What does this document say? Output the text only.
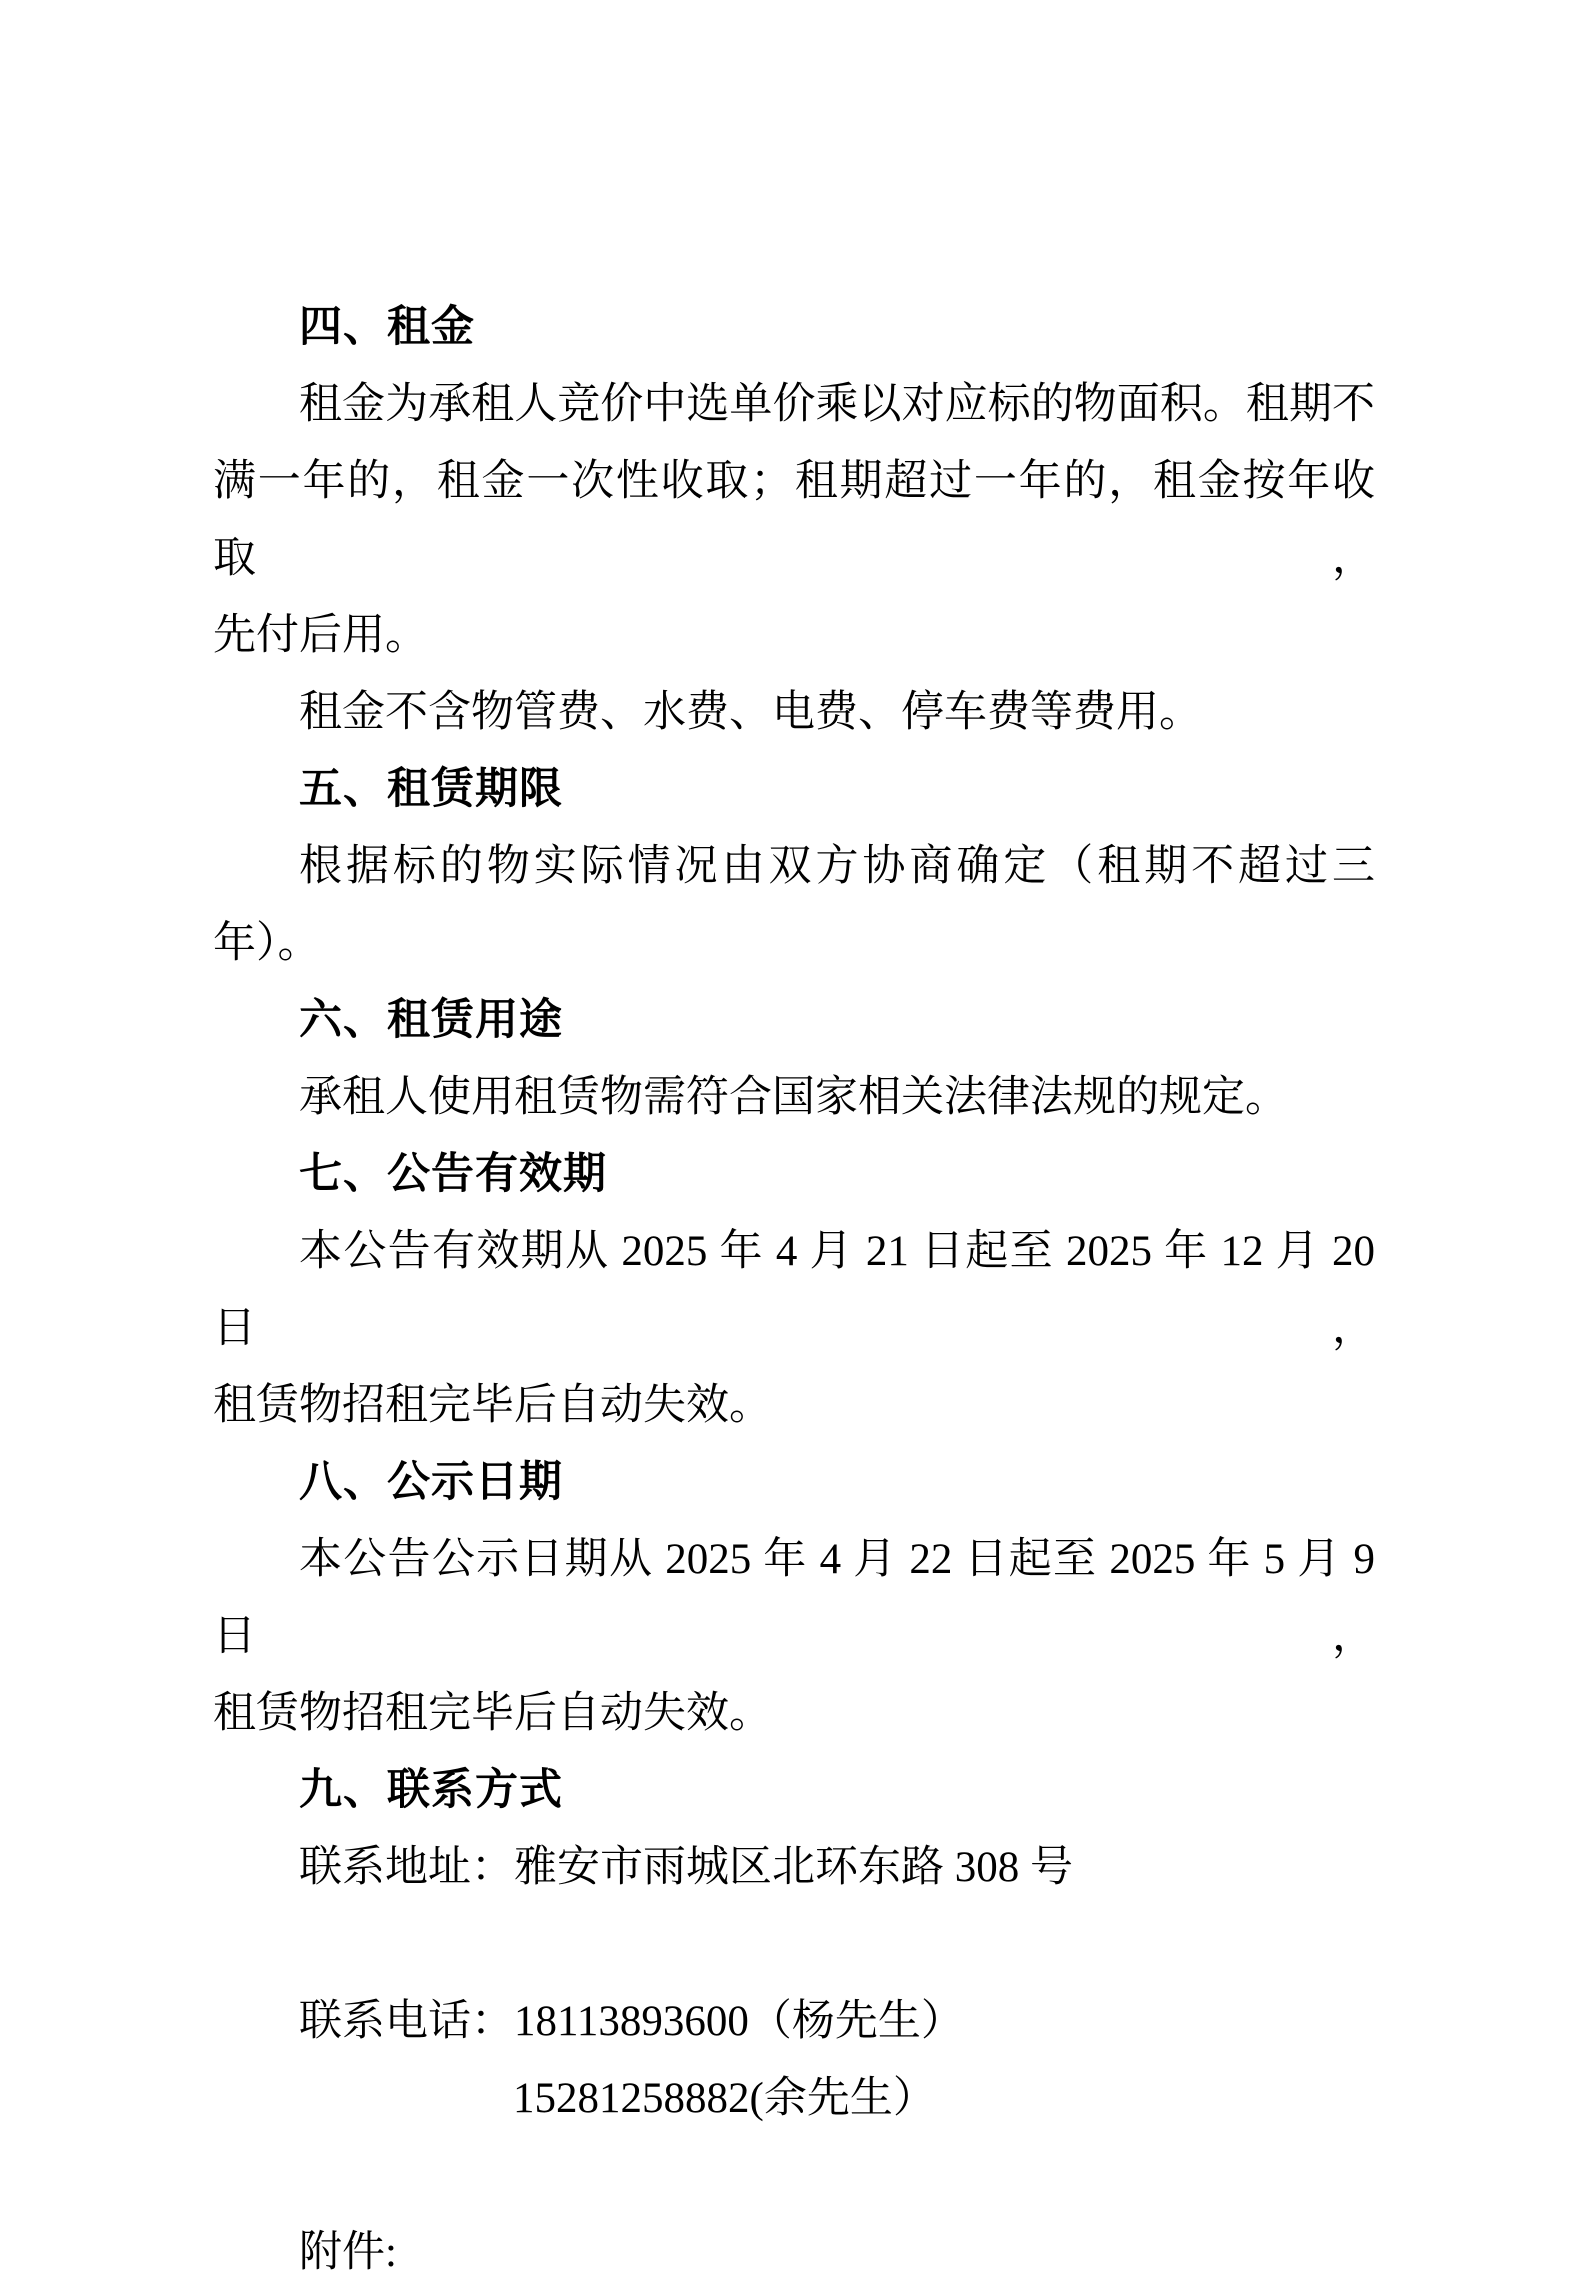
四、租金
租金为承租人竞价中选单价乘以对应标的物面积。租期不
满一年的，租金一次性收取；租期超过一年的，租金按年收取，
先付后用。
租金不含物管费、水费、电费、停车费等费用。
五、租赁期限
根据标的物实际情况由双方协商确定（租期不超过三年）。
六、租赁用途
承租人使用租赁物需符合国家相关法律法规的规定。
七、公告有效期
本公告有效期从 2025 年 4 月 21 日起至 2025 年 12 月 20 日，
租赁物招租完毕后自动失效。
八、公示日期
本公告公示日期从 2025 年 4 月 22 日起至 2025 年 5 月 9 日，
租赁物招租完毕后自动失效。
九、联系方式
联系地址：雅安市雨城区北环东路 308 号
联系电话：18113893600（杨先生）
15281258882(余先生）
附件:
